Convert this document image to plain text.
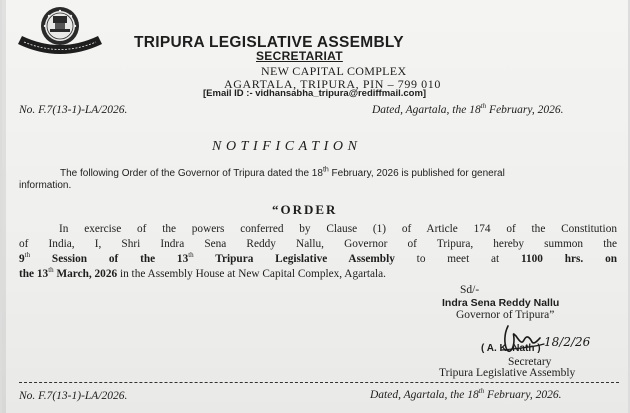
TRIPURA LEGISLATIVE ASSEMBLY
SECRETARIAT
NEW CAPITAL COMPLEX
AGARTALA, TRIPURA, PIN – 799 010
[Email ID :- vidhansabha_tripura@rediffmail.com]
No. F.7(13-1)-LA/2026.	Dated, Agartala, the 18th February, 2026.
NOTIFICATION
The following Order of the Governor of Tripura dated the 18th February, 2026 is published for general
information.
“ORDER
In exercise of the powers conferred by Clause (1) of Article 174 of the Constitution
of India, I, Shri Indra Sena Reddy Nallu, Governor of Tripura, hereby summon the
9th Session of the 13th Tripura Legislative Assembly to meet at 1100 hrs. on
the 13th March, 2026 in the Assembly House at New Capital Complex, Agartala.
Sd/-
Indra Sena Reddy Nallu
Governor of Tripura”
18/2/26
( A. K. Nath )
Secretary
Tripura Legislative Assembly
No. F.7(13-1)-LA/2026.	Dated, Agartala, the 18th February, 2026.
